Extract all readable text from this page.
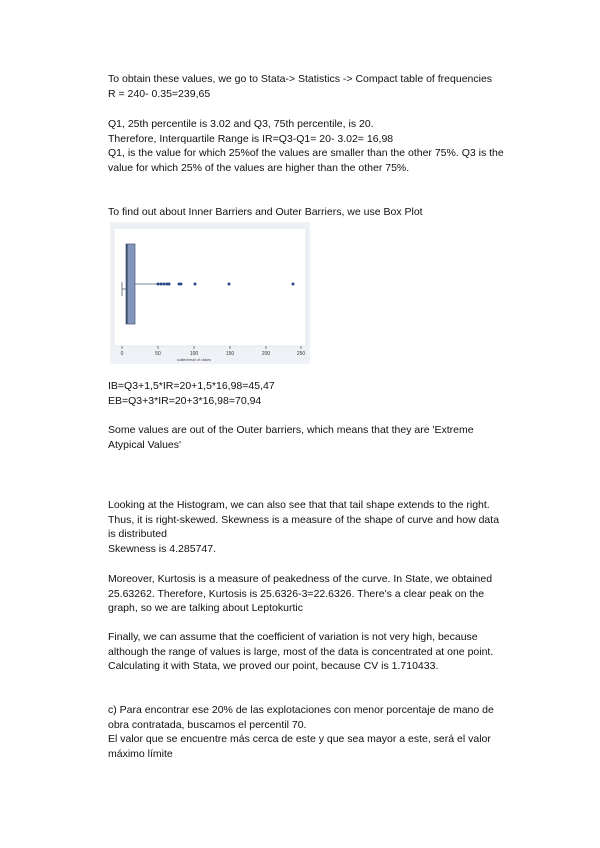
To obtain these values, we go to Stata-> Statistics -> Compact table of frequencies
R = 240- 0.35=239,65
Q1, 25th percentile is 3.02 and Q3, 75th percentile, is 20.
Therefore, Interquartile Range is IR=Q3-Q1= 20- 3.02= 16,98
Q1, is the value for which 25%of the values are smaller than the other 75%. Q3 is the
value for which 25% of the values are higher than the other 75%.
To find out about Inner Barriers and Outer Barriers, we use Box Plot
0	50	100	150	200	250
outlier/mean of values
IB=Q3+1,5*IR=20+1,5*16,98=45,47
EB=Q3+3*IR=20+3*16,98=70,94
Some values are out of the Outer barriers, which means that they are 'Extreme
Atypical Values'
Looking at the Histogram, we can also see that that tail shape extends to the right.
Thus, it is right-skewed. Skewness is a measure of the shape of curve and how data
is distributed
Skewness is 4.285747.
Moreover, Kurtosis is a measure of peakedness of the curve. In State, we obtained
25.63262. Therefore, Kurtosis is 25.6326-3=22.6326. There's a clear peak on the
graph, so we are talking about Leptokurtic
Finally, we can assume that the coefficient of variation is not very high, because
although the range of values is large, most of the data is concentrated at one point.
Calculating it with Stata, we proved our point, because CV is 1.710433.
c) Para encontrar ese 20% de las explotaciones con menor porcentaje de mano de
obra contratada, buscamos el percentil 70.
El valor que se encuentre más cerca de este y que sea mayor a este, será el valor
máximo límite
